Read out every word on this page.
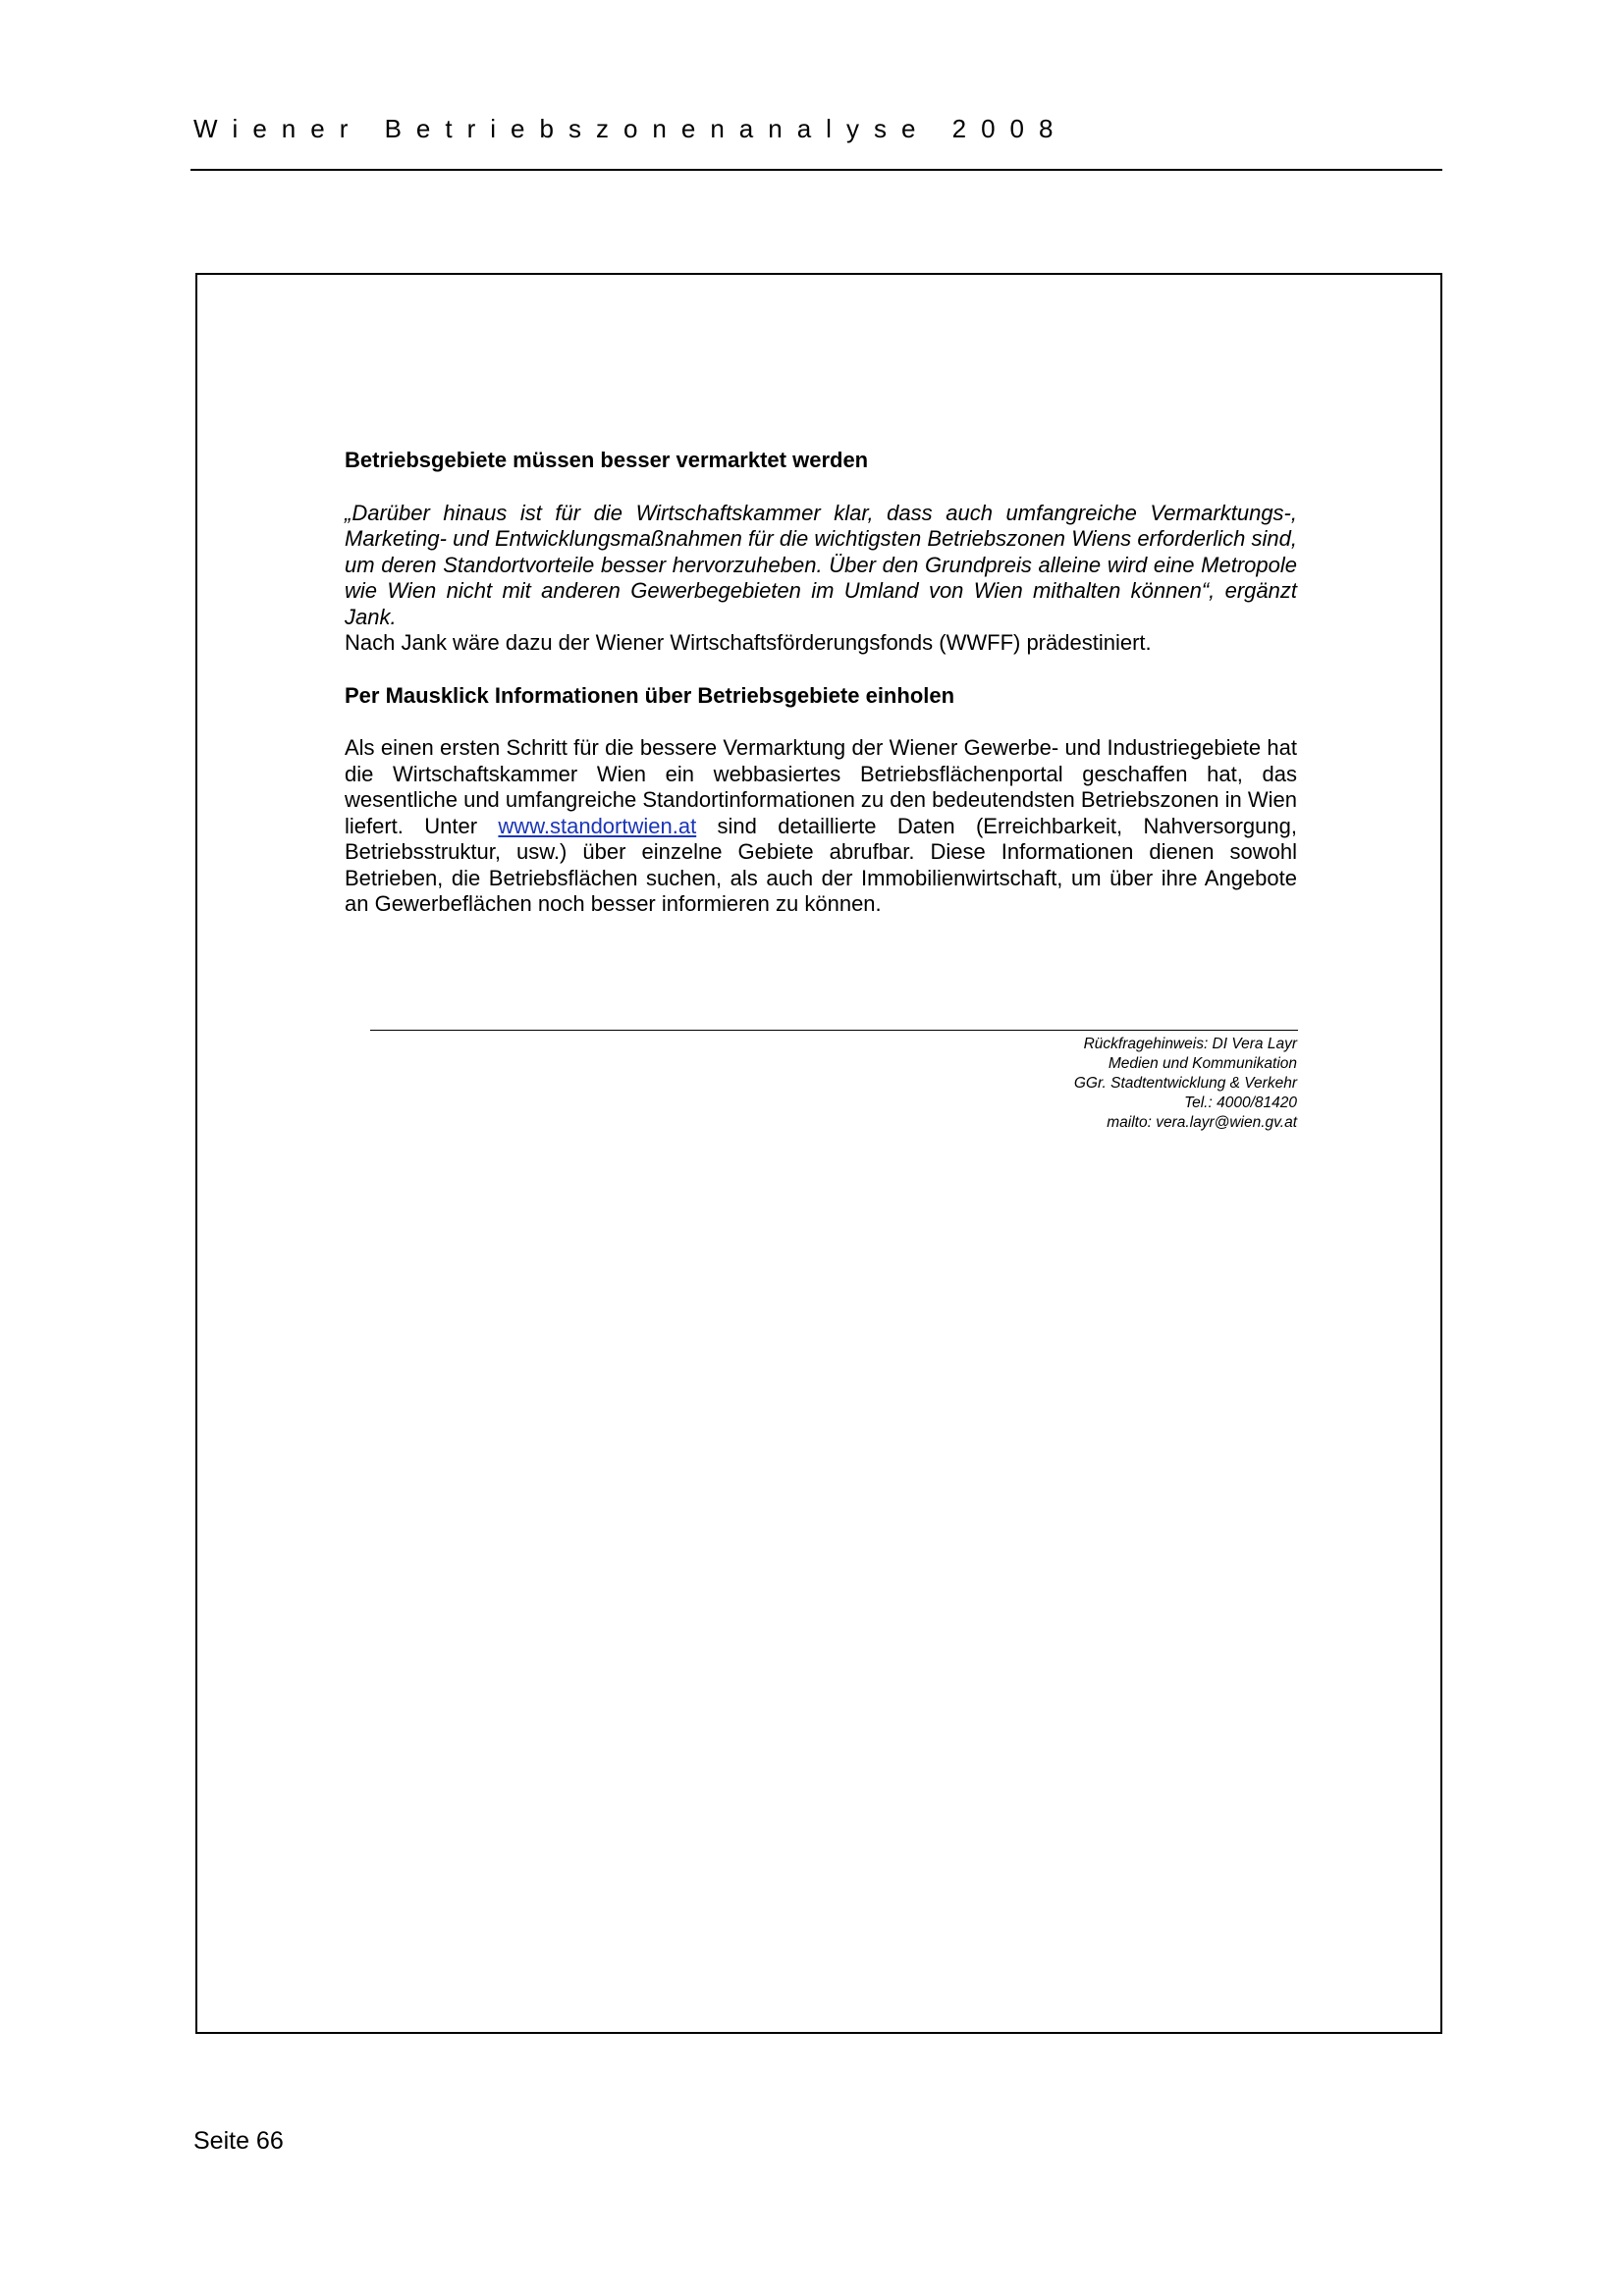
Wiener Betriebszonenanalyse 2008
Betriebsgebiete müssen besser vermarktet werden

„Darüber hinaus ist für die Wirtschaftskammer klar, dass auch umfangreiche Vermarktungs-, Marketing- und Entwicklungsmaßnahmen für die wichtigsten Betriebszonen Wiens erforderlich sind, um deren Standortvorteile besser hervorzuheben. Über den Grundpreis alleine wird eine Metropole wie Wien nicht mit anderen Gewerbegebieten im Umland von Wien mithalten können“, ergänzt Jank.

Nach Jank wäre dazu der Wiener Wirtschaftsförderungsfonds (WWFF) prädestiniert.

Per Mausklick Informationen über Betriebsgebiete einholen

Als einen ersten Schritt für die bessere Vermarktung der Wiener Gewerbe- und Industriegebiete hat die Wirtschaftskammer Wien ein webbasiertes Betriebsflächenportal geschaffen hat, das wesentliche und umfangreiche Standortinformationen zu den bedeutendsten Betriebszonen in Wien liefert. Unter www.standortwien.at sind detaillierte Daten (Erreichbarkeit, Nahversorgung, Betriebsstruktur, usw.) über einzelne Gebiete abrufbar. Diese Informationen dienen sowohl Betrieben, die Betriebsflächen suchen, als auch der Immobilienwirtschaft, um über ihre Angebote an Gewerbeflächen noch besser informieren zu können.

Rückfragehinweis: DI Vera Layr
Medien und Kommunikation
GGr. Stadtentwicklung & Verkehr
Tel.: 4000/81420
mailto: vera.layr@wien.gv.at
Seite 66
